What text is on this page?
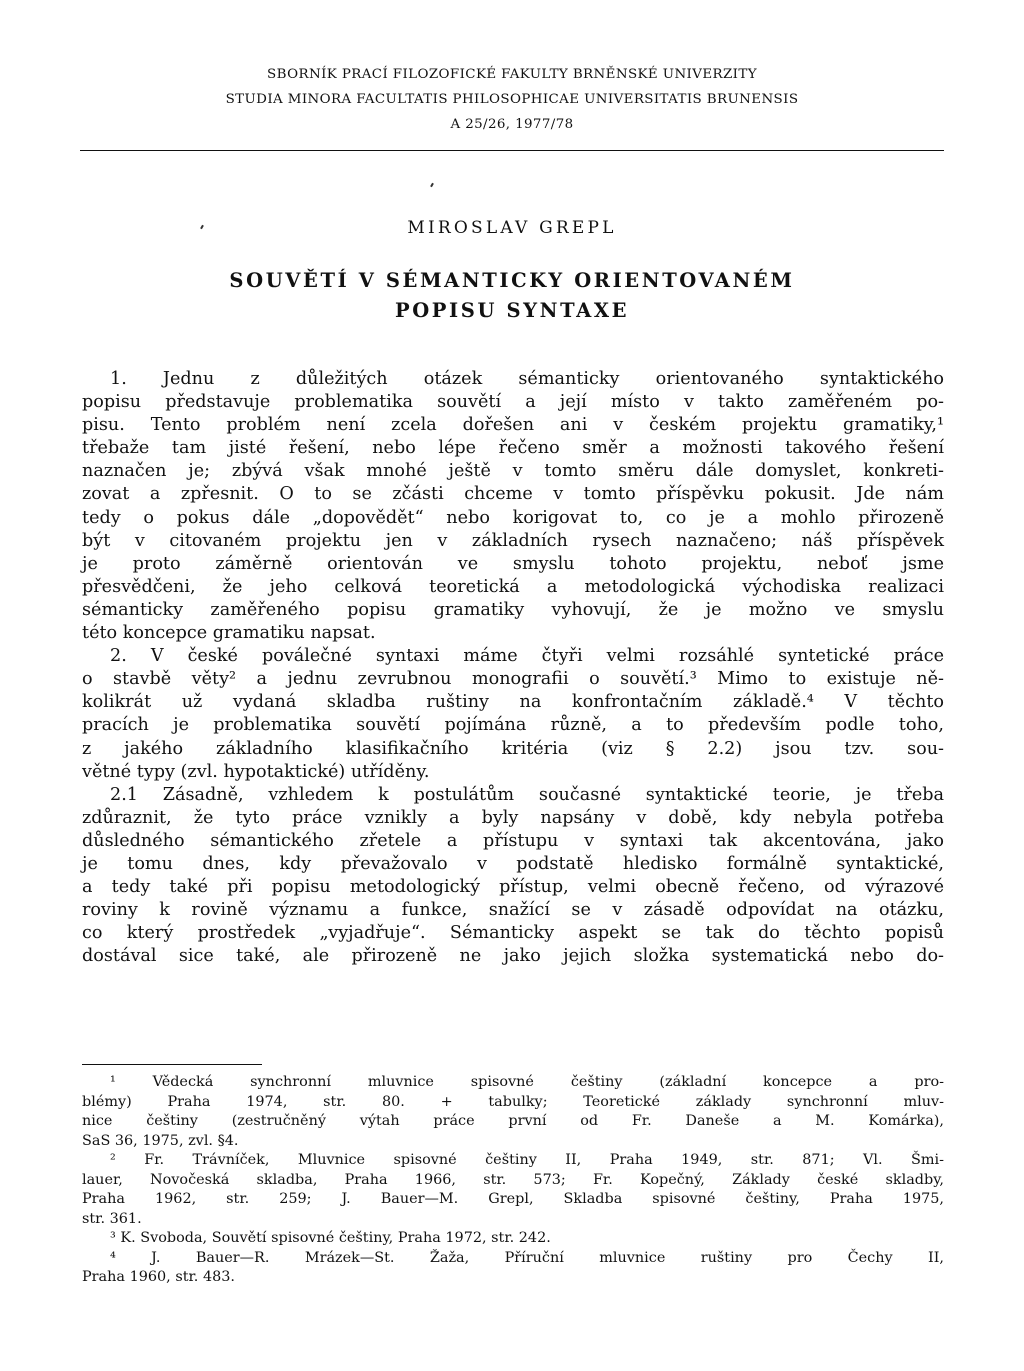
SBORNÍK PRACÍ FILOZOFICKÉ FAKULTY BRNĚNSKÉ UNIVERZITY
STUDIA MINORA FACULTATIS PHILOSOPHICAE UNIVERSITATIS BRUNENSIS
A 25/26, 1977/78
MIROSLAV GREPL
SOUVĚTÍ V SÉMANTICKY ORIENTOVANÉM
POPISU SYNTAXE
1. Jednu z důležitých otázek sémanticky orientovaného syntaktického
popisu představuje problematika souvětí a její místo v takto zaměřeném po-
pisu. Tento problém není zcela dořešen ani v českém projektu gramatiky,¹
třebaže tam jisté řešení, nebo lépe řečeno směr a možnosti takového řešení
naznačen je; zbývá však mnohé ještě v tomto směru dále domyslet, konkreti-
zovat a zpřesnit. O to se zčásti chceme v tomto příspěvku pokusit. Jde nám
tedy o pokus dále „dopovědět“ nebo korigovat to, co je a mohlo přirozeně
být v citovaném projektu jen v základních rysech naznačeno; náš příspěvek
je proto záměrně orientován ve smyslu tohoto projektu, neboť jsme
přesvědčeni, že jeho celková teoretická a metodologická východiska realizaci
sémanticky zaměřeného popisu gramatiky vyhovují, že je možno ve smyslu
této koncepce gramatiku napsat.
2. V české poválečné syntaxi máme čtyři velmi rozsáhlé syntetické práce
o stavbě věty² a jednu zevrubnou monografii o souvětí.³ Mimo to existuje ně-
kolikrát už vydaná skladba ruštiny na konfrontačním základě.⁴ V těchto
pracích je problematika souvětí pojímána různě, a to především podle toho,
z jakého základního klasifikačního kritéria (viz § 2.2) jsou tzv. sou-
větné typy (zvl. hypotaktické) utříděny.
2.1 Zásadně, vzhledem k postulátům současné syntaktické teorie, je třeba
zdůraznit, že tyto práce vznikly a byly napsány v době, kdy nebyla potřeba
důsledného sémantického zřetele a přístupu v syntaxi tak akcentována, jako
je tomu dnes, kdy převažovalo v podstatě hledisko formálně syntaktické,
a tedy také při popisu metodologický přístup, velmi obecně řečeno, od výrazové
roviny k rovině významu a funkce, snažící se v zásadě odpovídat na otázku,
co který prostředek „vyjadřuje“. Sémanticky aspekt se tak do těchto popisů
dostával sice také, ale přirozeně ne jako jejich složka systematická nebo do-
¹ Vědecká synchronní mluvnice spisovné češtiny (základní koncepce a pro-
blémy) Praha 1974, str. 80. + tabulky; Teoretické základy synchronní mluv-
nice češtiny (zestručněný výtah práce první od Fr. Daneše a M. Komárka),
SaS 36, 1975, zvl. §4.
² Fr. Trávníček, Mluvnice spisovné češtiny II, Praha 1949, str. 871; Vl. Šmi-
lauer, Novočeská skladba, Praha 1966, str. 573; Fr. Kopečný, Základy české skladby,
Praha 1962, str. 259; J. Bauer—M. Grepl, Skladba spisovné češtiny, Praha 1975,
str. 361.
³ K. Svoboda, Souvětí spisovné češtiny, Praha 1972, str. 242.
⁴ J. Bauer—R. Mrázek—St. Žaža, Příruční mluvnice ruštiny pro Čechy II,
Praha 1960, str. 483.
